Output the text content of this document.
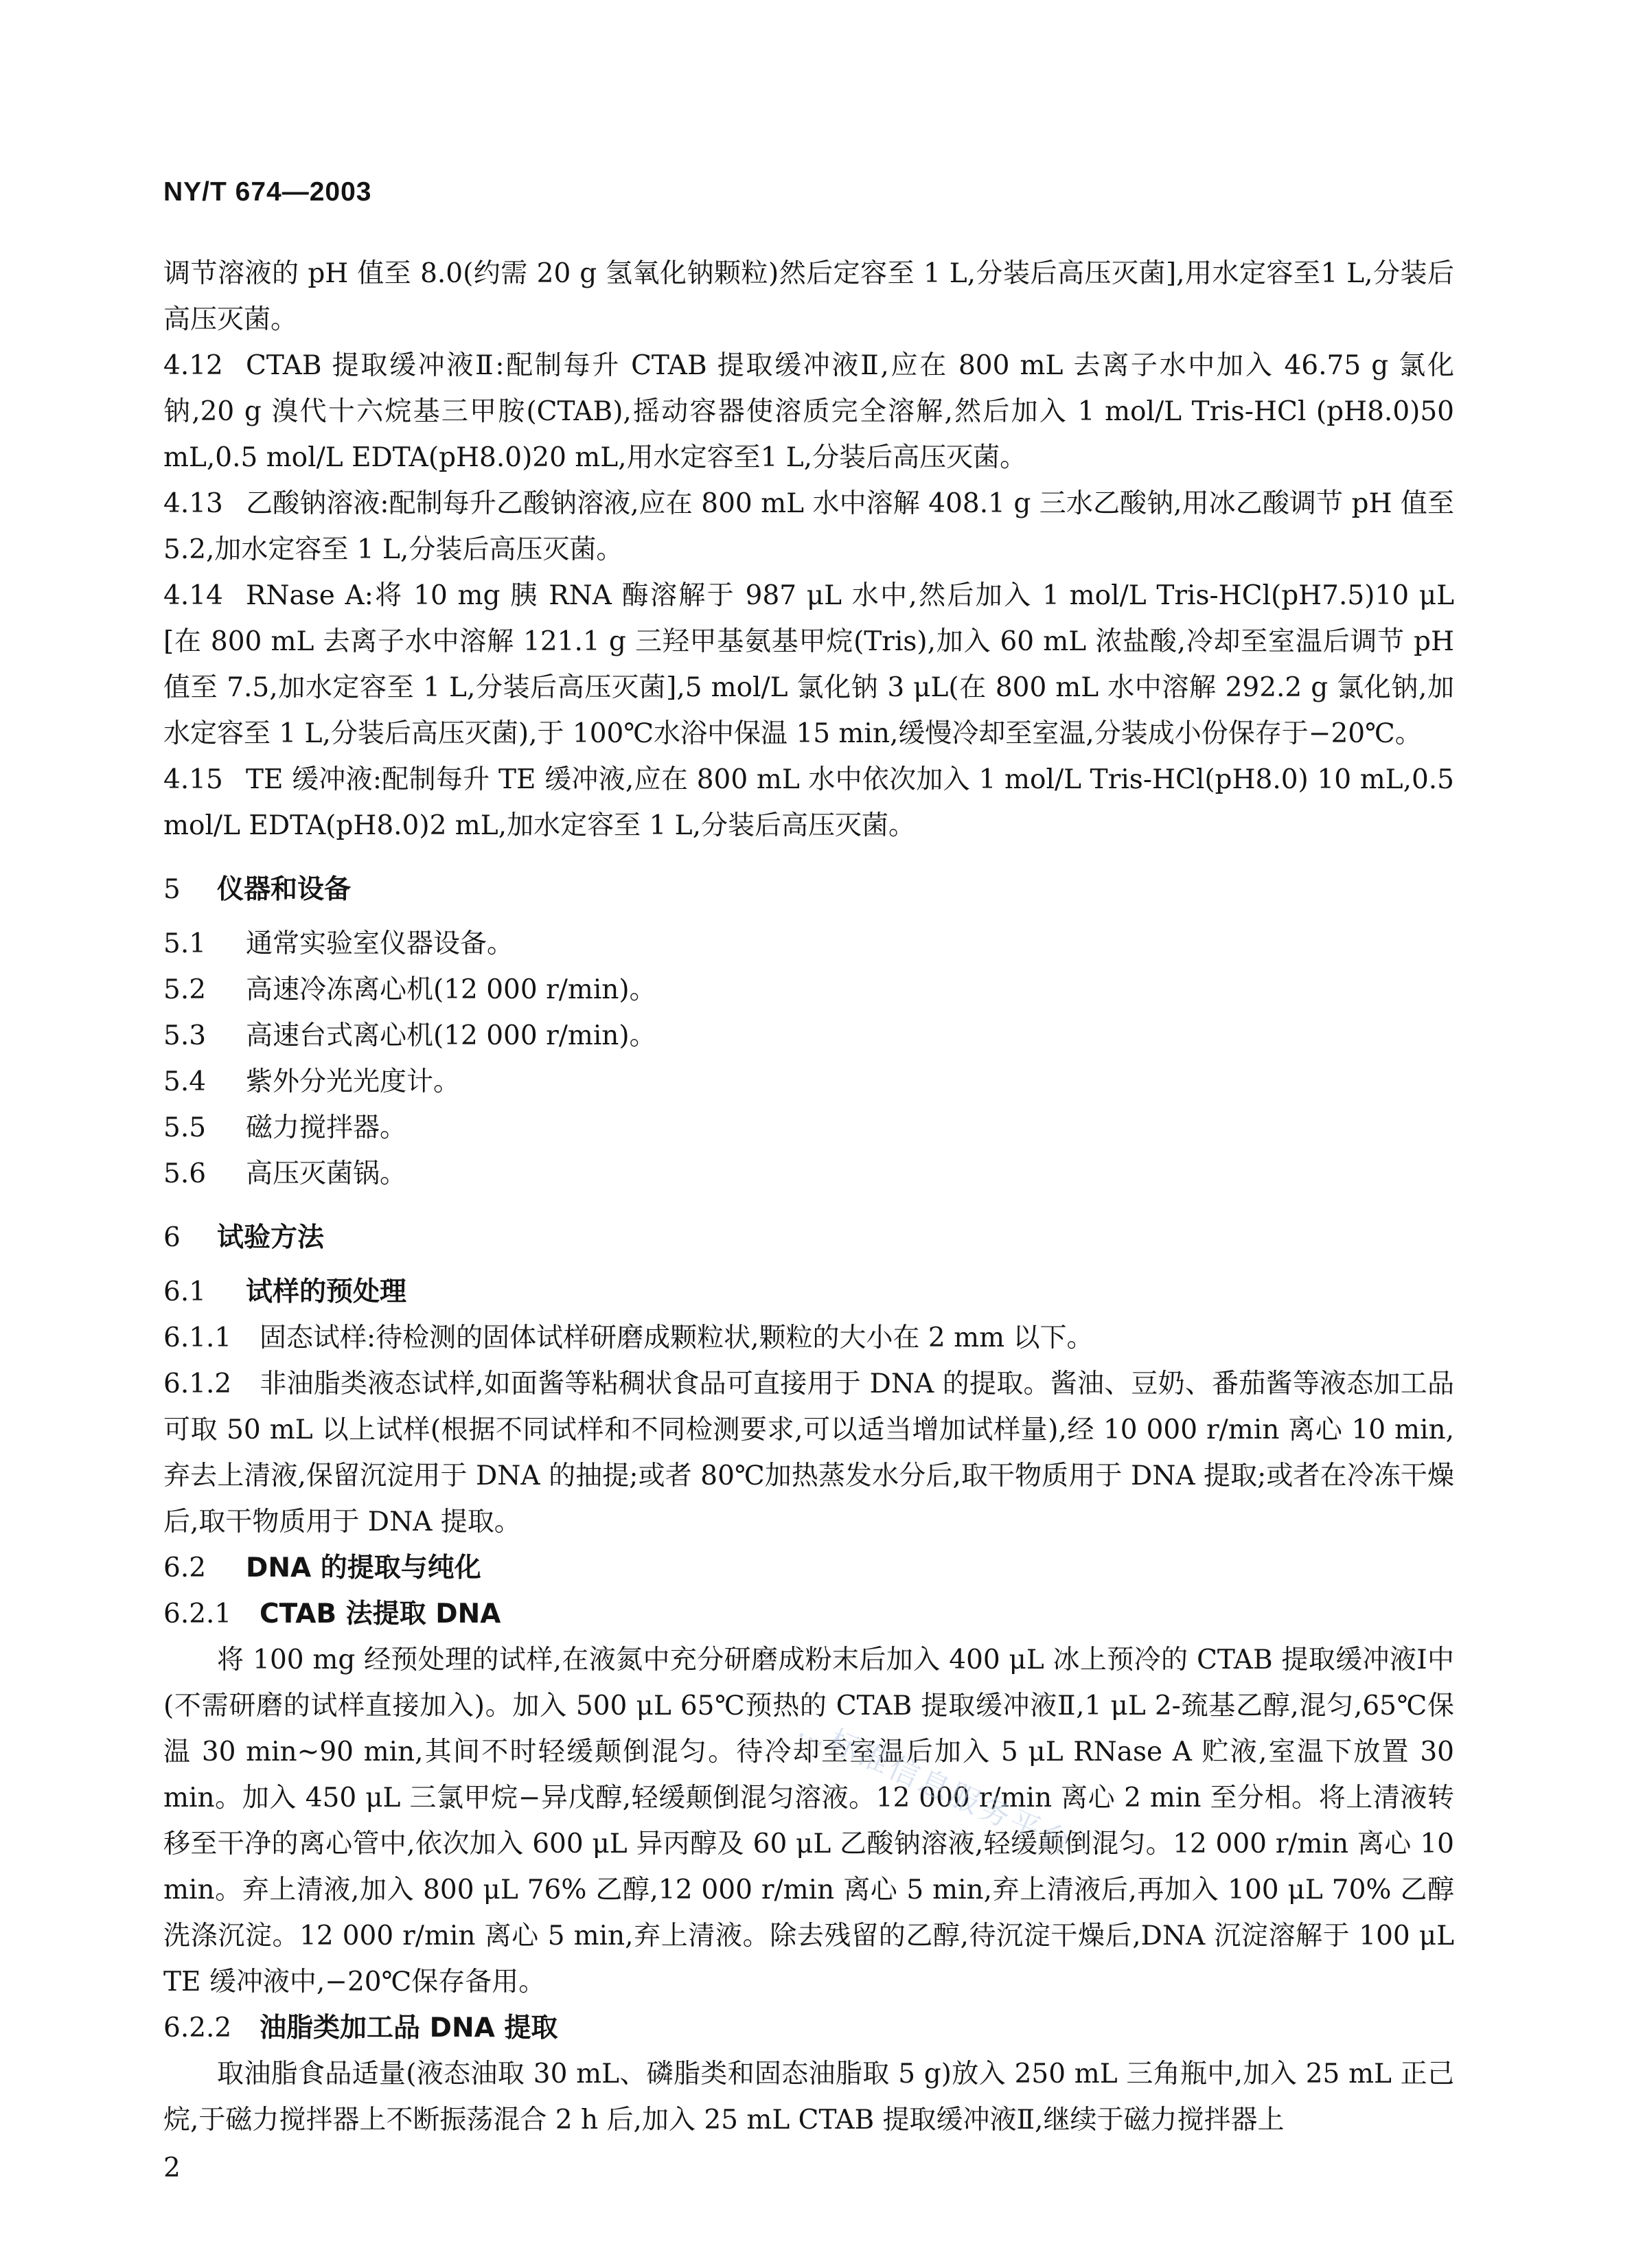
NY/T 674—2003

调节溶液的 pH 值至 8.0(约需 20 g 氢氧化钠颗粒)然后定容至 1 L,分装后高压灭菌],用水定容至1 L,分装后高压灭菌。

4.12 CTAB 提取缓冲液Ⅱ:配制每升 CTAB 提取缓冲液Ⅱ,应在 800 mL 去离子水中加入 46.75 g 氯化钠,20 g 溴代十六烷基三甲胺(CTAB),摇动容器使溶质完全溶解,然后加入 1 mol/L Tris-HCl (pH8.0)50 mL,0.5 mol/L EDTA(pH8.0)20 mL,用水定容至1 L,分装后高压灭菌。

4.13 乙酸钠溶液:配制每升乙酸钠溶液,应在 800 mL 水中溶解 408.1 g 三水乙酸钠,用冰乙酸调节 pH 值至 5.2,加水定容至 1 L,分装后高压灭菌。

4.14 RNase A:将 10 mg 胰 RNA 酶溶解于 987 μL 水中,然后加入 1 mol/L Tris-HCl(pH7.5)10 μL [在 800 mL 去离子水中溶解 121.1 g 三羟甲基氨基甲烷(Tris),加入 60 mL 浓盐酸,冷却至室温后调节 pH 值至 7.5,加水定容至 1 L,分装后高压灭菌],5 mol/L 氯化钠 3 μL(在 800 mL 水中溶解 292.2 g 氯化钠,加水定容至 1 L,分装后高压灭菌),于 100℃水浴中保温 15 min,缓慢冷却至室温,分装成小份保存于−20℃。

4.15 TE 缓冲液:配制每升 TE 缓冲液,应在 800 mL 水中依次加入 1 mol/L Tris-HCl(pH8.0) 10 mL,0.5 mol/L EDTA(pH8.0)2 mL,加水定容至 1 L,分装后高压灭菌。

5 仪器和设备

5.1 通常实验室仪器设备。

5.2 高速冷冻离心机(12 000 r/min)。

5.3 高速台式离心机(12 000 r/min)。

5.4 紫外分光光度计。

5.5 磁力搅拌器。

5.6 高压灭菌锅。

6 试验方法

6.1 试样的预处理

6.1.1 固态试样:待检测的固体试样研磨成颗粒状,颗粒的大小在 2 mm 以下。

6.1.2 非油脂类液态试样,如面酱等粘稠状食品可直接用于 DNA 的提取。酱油、豆奶、番茄酱等液态加工品可取 50 mL 以上试样(根据不同试样和不同检测要求,可以适当增加试样量),经 10 000 r/min 离心 10 min,弃去上清液,保留沉淀用于 DNA 的抽提;或者 80℃加热蒸发水分后,取干物质用于 DNA 提取;或者在冷冻干燥后,取干物质用于 DNA 提取。

6.2 DNA 的提取与纯化

6.2.1 CTAB 法提取 DNA

将 100 mg 经预处理的试样,在液氮中充分研磨成粉末后加入 400 μL 冰上预冷的 CTAB 提取缓冲液Ⅰ中(不需研磨的试样直接加入)。加入 500 μL 65℃预热的 CTAB 提取缓冲液Ⅱ,1 μL 2-巯基乙醇,混匀,65℃保温 30 min~90 min,其间不时轻缓颠倒混匀。待冷却至室温后加入 5 μL RNase A 贮液,室温下放置 30 min。加入 450 μL 三氯甲烷−异戊醇,轻缓颠倒混匀溶液。12 000 r/min 离心 2 min 至分相。将上清液转移至干净的离心管中,依次加入 600 μL 异丙醇及 60 μL 乙酸钠溶液,轻缓颠倒混匀。12 000 r/min 离心 10 min。弃上清液,加入 800 μL 76% 乙醇,12 000 r/min 离心 5 min,弃上清液后,再加入 100 μL 70% 乙醇洗涤沉淀。12 000 r/min 离心 5 min,弃上清液。除去残留的乙醇,待沉淀干燥后,DNA 沉淀溶解于 100 μL TE 缓冲液中,−20℃保存备用。

6.2.2 油脂类加工品 DNA 提取

取油脂食品适量(液态油取 30 mL、磷脂类和固态油脂取 5 g)放入 250 mL 三角瓶中,加入 25 mL 正己烷,于磁力搅拌器上不断振荡混合 2 h 后,加入 25 mL CTAB 提取缓冲液Ⅱ,继续于磁力搅拌器上

…标准信息服务平台
2
